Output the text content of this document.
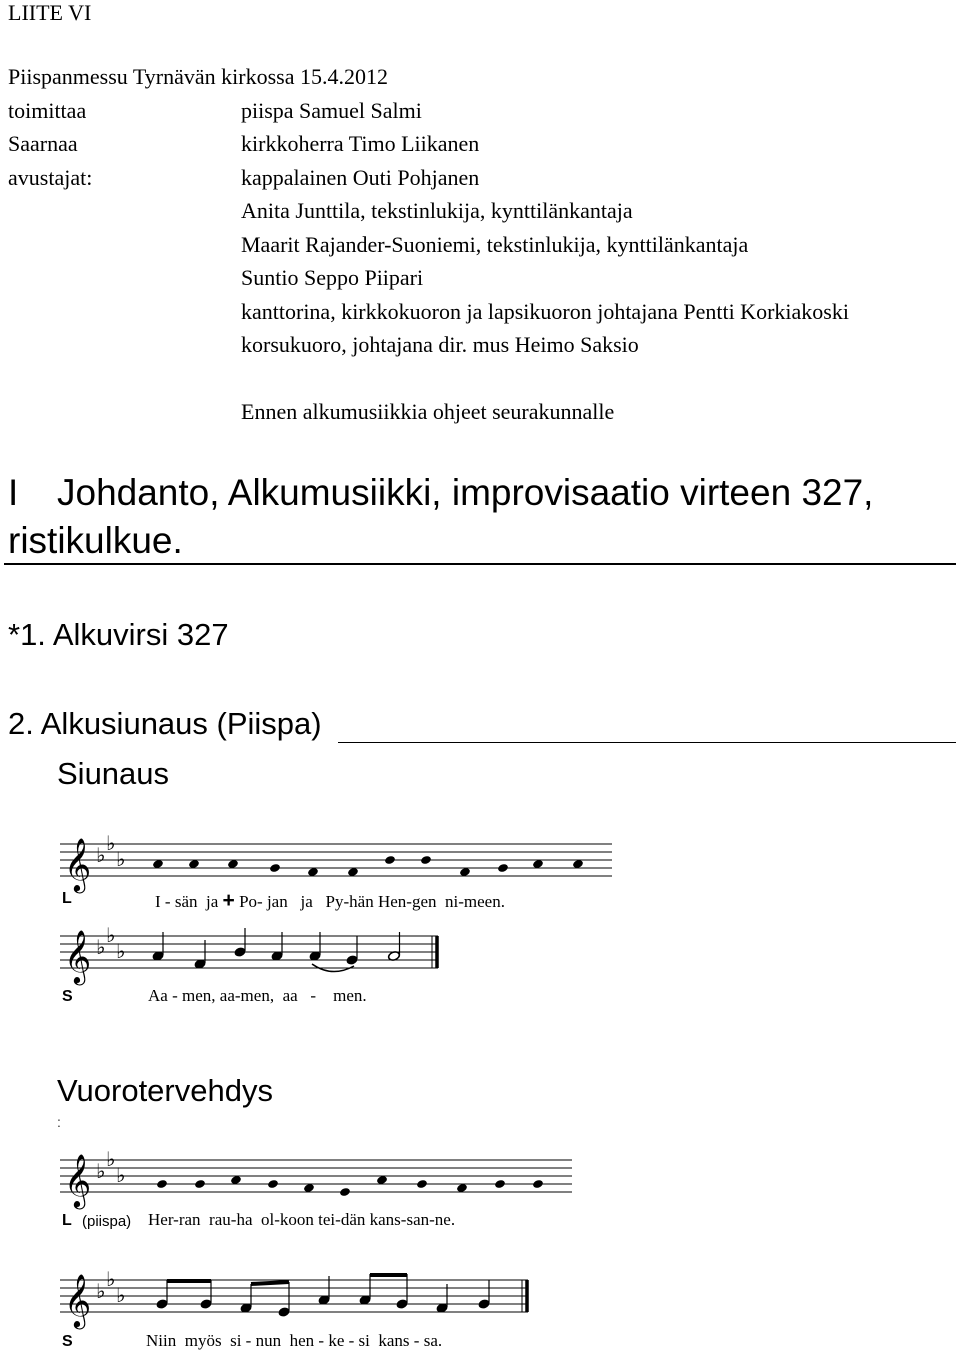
LIITE VI
Piispanmessu Tyrnävän kirkossa 15.4.2012
toimittaa	piispa Samuel Salmi
Saarnaa	kirkkoherra Timo Liikanen
avustajat:	kappalainen Outi Pohjanen
Anita Junttila, tekstinlukija, kynttilänkantaja
Maarit Rajander-Suoniemi, tekstinlukija, kynttilänkantaja
Suntio Seppo Piipari
kanttorina, kirkkokuoron ja lapsikuoron johtajana Pentti Korkiakoski
korsukuoro, johtajana dir. mus Heimo Saksio
Ennen alkumusiikkia ohjeet seurakunnalle
I Johdanto, Alkumusiikki, improvisaatio virteen 327,
ristikulkue.
*1. Alkuvirsi 327
2. Alkusiunaus (Piispa)
Siunaus
𝄞 ♭ ♭
♭
L	I - sän ja + Po- jan ja Py-hän Hen-gen ni-meen.
𝄞 ♭ ♭
♭
S	Aa - men, aa-men, aa - men.
Vuorotervehdys
:
𝄞 ♭ ♭
♭
L (piispa) Her-ran rau-ha ol-koon tei-dän kans-san-ne.
𝄞 ♭ ♭
♭
S	Niin myös si - nun hen - ke - si kans - sa.
